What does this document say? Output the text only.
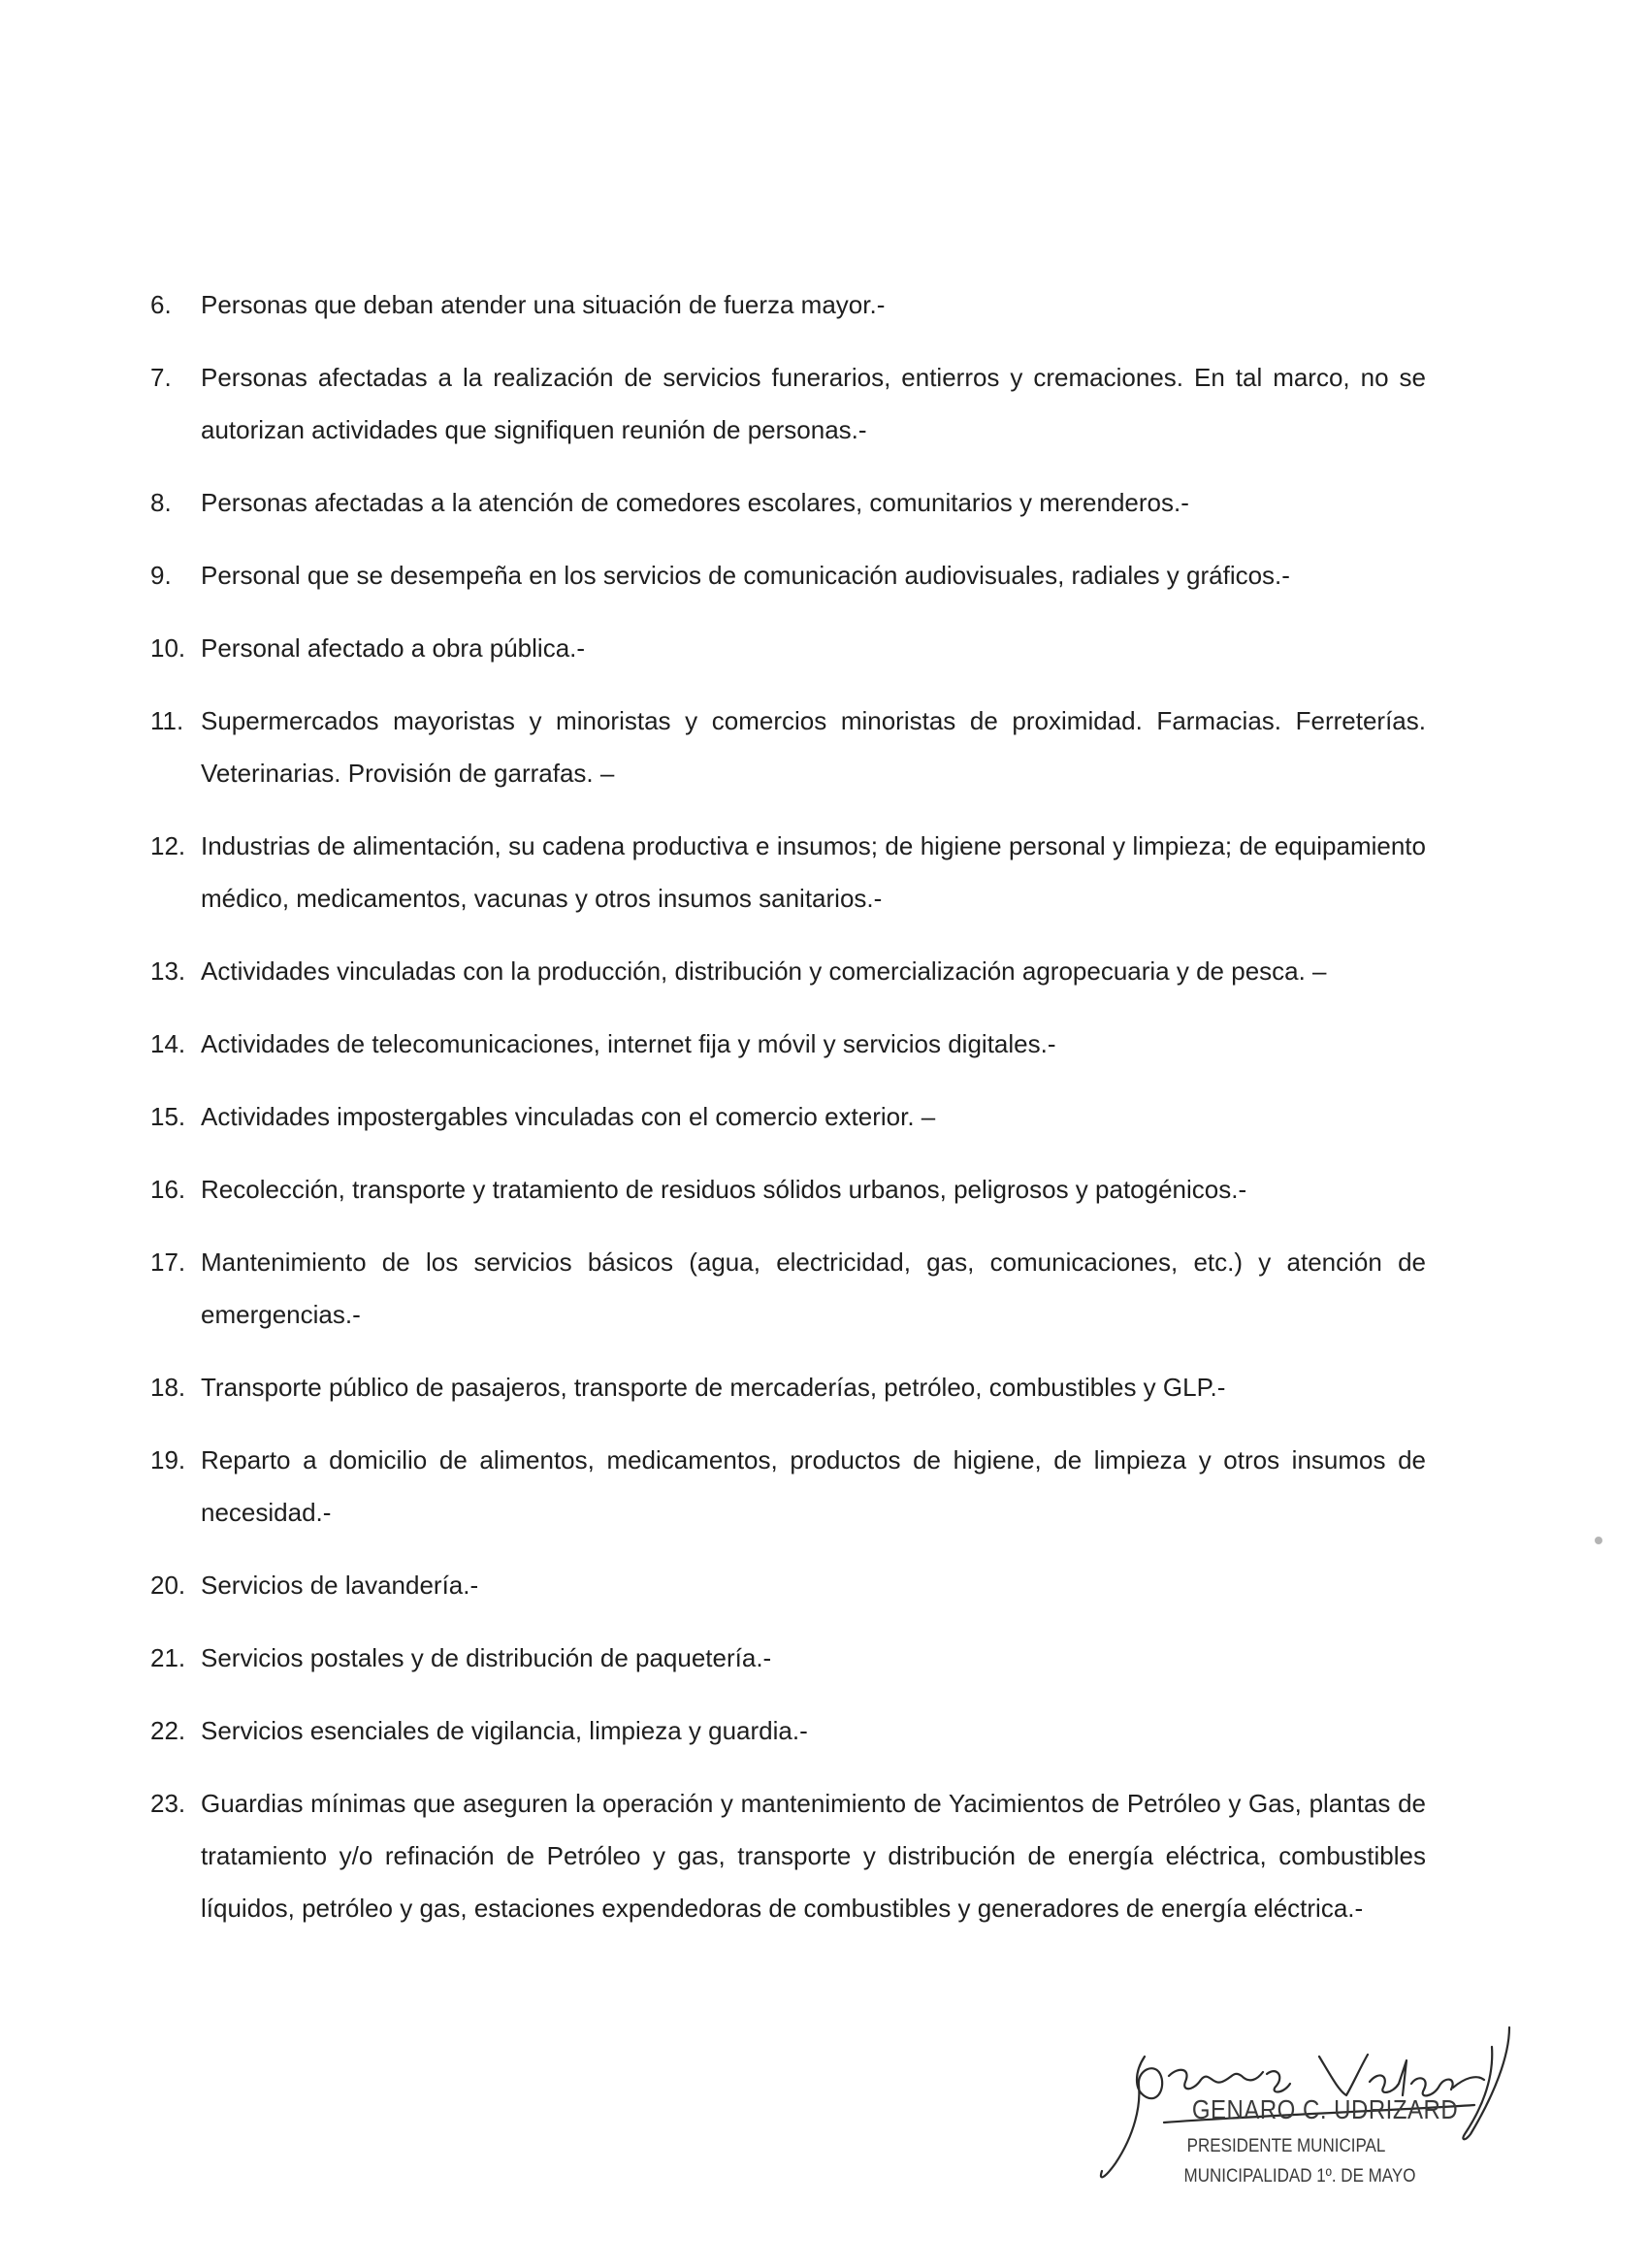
6.	Personas que deban atender una situación de fuerza mayor.-
7.	Personas afectadas a la realización de servicios funerarios, entierros y cremaciones. En tal marco, no se autorizan actividades que signifiquen reunión de personas.-
8.	Personas afectadas a la atención de comedores escolares, comunitarios y merenderos.-
9.	Personal que se desempeña en los servicios de comunicación audiovisuales, radiales y gráficos.-
10. Personal afectado a obra pública.-
11. Supermercados mayoristas y minoristas y comercios minoristas de proximidad. Farmacias. Ferreterías. Veterinarias. Provisión de garrafas. –
12. Industrias de alimentación, su cadena productiva e insumos; de higiene personal y limpieza; de equipamiento médico, medicamentos, vacunas y otros insumos sanitarios.-
13. Actividades vinculadas con la producción, distribución y comercialización agropecuaria y de pesca. –
14. Actividades de telecomunicaciones, internet fija y móvil y servicios digitales.-
15. Actividades impostergables vinculadas con el comercio exterior. –
16. Recolección, transporte y tratamiento de residuos sólidos urbanos, peligrosos y patogénicos.-
17. Mantenimiento de los servicios básicos (agua, electricidad, gas, comunicaciones, etc.) y atención de emergencias.-
18. Transporte público de pasajeros, transporte de mercaderías, petróleo, combustibles y GLP.-
19. Reparto a domicilio de alimentos, medicamentos, productos de higiene, de limpieza y otros insumos de necesidad.-
20. Servicios de lavandería.-
21. Servicios postales y de distribución de paquetería.-
22. Servicios esenciales de vigilancia, limpieza y guardia.-
23. Guardias mínimas que aseguren la operación y mantenimiento de Yacimientos de Petróleo y Gas, plantas de tratamiento y/o refinación de Petróleo y gas, transporte y distribución de energía eléctrica, combustibles líquidos, petróleo y gas, estaciones expendedoras de combustibles y generadores de energía eléctrica.-
GENARO C. UDRIZARD
PRESIDENTE MUNICIPAL
MUNICIPALIDAD 1º. DE MAYO
